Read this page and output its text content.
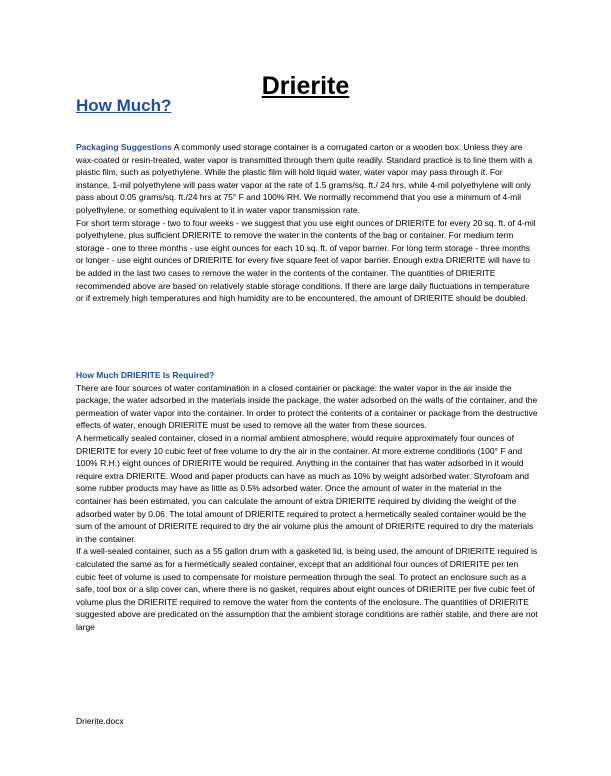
Drierite
How Much?

Packaging Suggestions A commonly used storage container is a corrugated carton or a wooden box. Unless they are wax-coated or resin-treated, water vapor is transmitted through them quite readily. Standard practice is to line them with a plastic film, such as polyethylene. While the plastic film will hold liquid water, water vapor may pass through it. For instance, 1-mil polyethylene will pass water vapor at the rate of 1.5 grams/sq. ft./ 24 hrs, while 4-mil polyethylene will only pass about 0.05 grams/sq. ft./24 hrs at 75° F and 100% RH. We normally recommend that you use a minimum of 4-mil polyethylene, or something equivalent to it in water vapor transmission rate.

For short term storage - two to four weeks - we suggest that you use eight ounces of DRIERITE for every 20 sq. ft. of 4-mil polyethylene, plus sufficient DRIERITE to remove the water in the contents of the bag or container. For medium term storage - one to three months - use eight ounces for each 10 sq. ft. of vapor barrier. For long term storage - three months or longer - use eight ounces of DRIERITE for every five square feet of vapor barrier. Enough extra DRIERITE will have to be added in the last two cases to remove the water in the contents of the container. The quantities of DRIERITE recommended above are based on relatively stable storage conditions. If there are large daily fluctuations in temperature or if extremely high temperatures and high humidity are to be encountered, the amount of DRIERITE should be doubled.

How Much DRIERITE Is Required?

There are four sources of water contamination in a closed container or package: the water vapor in the air inside the package, the water adsorbed in the materials inside the package, the water adsorbed on the walls of the container, and the permeation of water vapor into the container. In order to protect the contents of a container or package from the destructive effects of water, enough DRIERITE must be used to remove all the water from these sources.

A hermetically sealed container, closed in a normal ambient atmosphere, would require approximately four ounces of DRIERITE for every 10 cubic feet of free volume to dry the air in the container. At more extreme conditions (100° F and 100% R.H.) eight ounces of DRIERITE would be required. Anything in the container that has water adsorbed in it would require extra DRIERITE. Wood and paper products can have as much as 10% by weight adsorbed water. Styrofoam and some rubber products may have as little as 0.5% adsorbed water. Once the amount of water in the material in the container has been estimated, you can calculate the amount of extra DRIERITE required by dividing the weight of the adsorbed water by 0.06. The total amount of DRIERITE required to protect a hermetically sealed container would be the sum of the amount of DRIERITE required to dry the air volume plus the amount of DRIERITE required to dry the materials in the container.

If a well-sealed container, such as a 55 gallon drum with a gasketed lid, is being used, the amount of DRIERITE required is calculated the same as for a hermetically sealed container, except that an additional four ounces of DRIERITE per ten cubic feet of volume is used to compensate for moisture permeation through the seal. To protect an enclosure such as a safe, tool box or a slip cover can, where there is no gasket, requires about eight ounces of DRIERITE per five cubic feet of volume plus the DRIERITE required to remove the water from the contents of the enclosure. The quantities of DRIERITE suggested above are predicated on the assumption that the ambient storage conditions are rather stable, and there are not large

Drierite.docx
